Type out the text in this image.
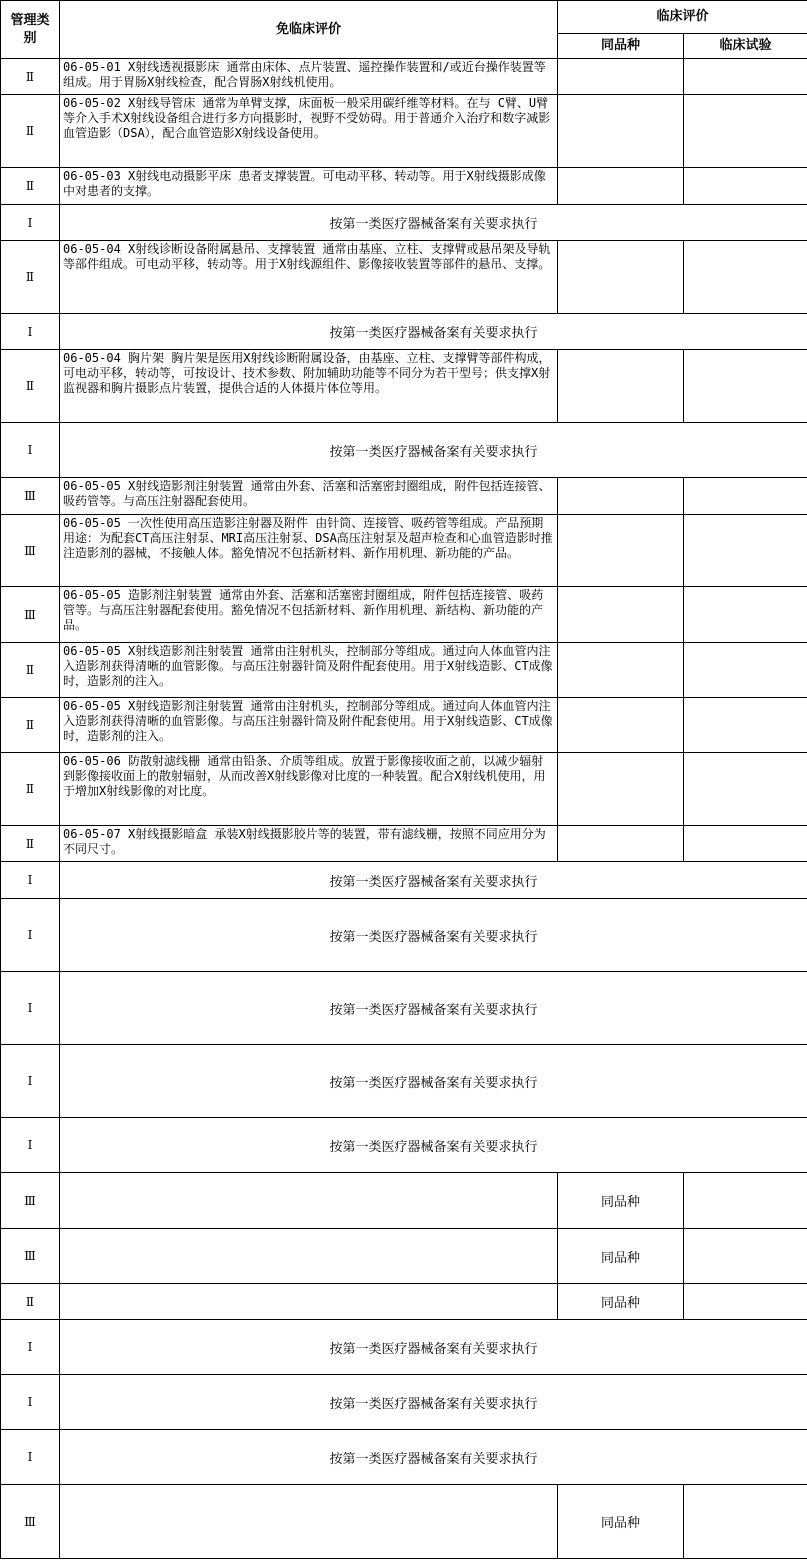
管理类别	免临床评价	临床评价	
		同品种	临床试验
Ⅱ	06-05-01 X射线透视摄影床 通常由床体、点片装置、遥控操作装置和/或近台操作装置等组成。用于胃肠X射线检查，配合胃肠X射线机使用。		
Ⅱ	06-05-02 X射线导管床 通常为单臂支撑，床面板一般采用碳纤维等材料。在与 C臂、U臂等介入手术X射线设备组合进行多方向摄影时，视野不受妨碍。用于普通介入治疗和数字减影血管造影（DSA），配合血管造影X射线设备使用。		
Ⅱ	06-05-03 X射线电动摄影平床 患者支撑装置。可电动平移、转动等。用于X射线摄影成像中对患者的支撑。		
Ⅰ	按第一类医疗器械备案有关要求执行		
Ⅱ	06-05-04 X射线诊断设备附属悬吊、支撑装置 通常由基座、立柱、支撑臂或悬吊架及导轨等部件组成。可电动平移，转动等。用于X射线源组件、影像接收装置等部件的悬吊、支撑。		
Ⅰ	按第一类医疗器械备案有关要求执行		
Ⅱ	06-05-04 胸片架 胸片架是医用X射线诊断附属设备，由基座、立柱、支撑臂等部件构成，可电动平移，转动等，可按设计、技术参数、附加辅助功能等不同分为若干型号；供支撑X射监视器和胸片摄影点片装置，提供合适的人体摄片体位等用。		
Ⅰ	按第一类医疗器械备案有关要求执行		
Ⅲ	06-05-05 X射线造影剂注射装置 通常由外套、活塞和活塞密封圈组成，附件包括连接管、吸药管等。与高压注射器配套使用。		
Ⅲ	06-05-05 一次性使用高压造影注射器及附件 由针筒、连接管、吸药管等组成。产品预期用途：为配套CT高压注射泵、MRI高压注射泵、DSA高压注射泵及超声检查和心血管造影时推注造影剂的器械，不接触人体。豁免情况不包括新材料、新作用机理、新功能的产品。		
Ⅲ	06-05-05 造影剂注射装置 通常由外套、活塞和活塞密封圈组成，附件包括连接管、吸药管等。与高压注射器配套使用。豁免情况不包括新材料、新作用机理、新结构、新功能的产品。		
Ⅱ	06-05-05 X射线造影剂注射装置 通常由注射机头，控制部分等组成。通过向人体血管内注入造影剂获得清晰的血管影像。与高压注射器针筒及附件配套使用。用于X射线造影、CT成像时，造影剂的注入。		
Ⅱ	06-05-05 X射线造影剂注射装置 通常由注射机头，控制部分等组成。通过向人体血管内注入造影剂获得清晰的血管影像。与高压注射器针筒及附件配套使用。用于X射线造影、CT成像时，造影剂的注入。		
Ⅱ	06-05-06 防散射滤线栅 通常由铅条、介质等组成。放置于影像接收面之前，以减少辐射到影像接收面上的散射辐射，从而改善X射线影像对比度的一种装置。配合X射线机使用，用于增加X射线影像的对比度。		
Ⅱ	06-05-07 X射线摄影暗盒 承装X射线摄影胶片等的装置，带有滤线栅，按照不同应用分为不同尺寸。		
Ⅰ	按第一类医疗器械备案有关要求执行		
Ⅰ	按第一类医疗器械备案有关要求执行		
Ⅰ	按第一类医疗器械备案有关要求执行		
Ⅰ	按第一类医疗器械备案有关要求执行		
Ⅰ	按第一类医疗器械备案有关要求执行		
Ⅲ		同品种	
Ⅲ		同品种	
Ⅱ		同品种	
Ⅰ	按第一类医疗器械备案有关要求执行		
Ⅰ	按第一类医疗器械备案有关要求执行		
Ⅰ	按第一类医疗器械备案有关要求执行		
Ⅲ		同品种	
